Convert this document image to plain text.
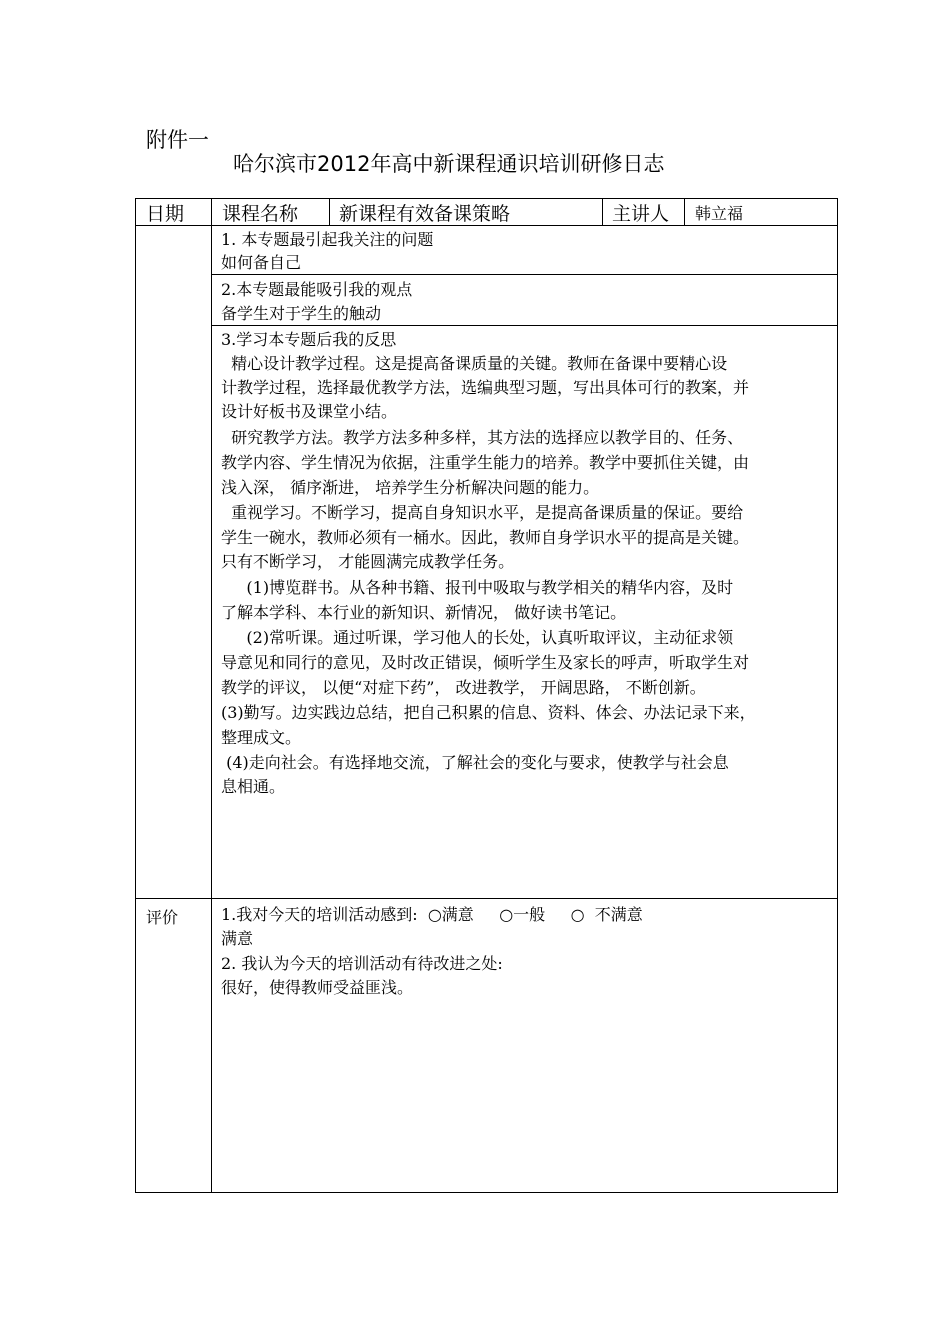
附件一
哈尔滨市2012年高中新课程通识培训研修日志
日期 课程名称 新课程有效备课策略	主讲人 韩立福
1. 本专题最引起我关注的问题
如何备自己
2.本专题最能吸引我的观点
备学生对于学生的触动
3.学习本专题后我的反思
精心设计教学过程。这是提高备课质量的关键。教师在备课中要精心设
计教学过程，选择最优教学方法，选编典型习题，写出具体可行的教案，并
设计好板书及课堂小结。
研究教学方法。教学方法多种多样，其方法的选择应以教学目的、任务、
教学内容、学生情况为依据，注重学生能力的培养。教学中要抓住关键，由
浅入深， 循序渐进， 培养学生分析解决问题的能力。
重视学习。不断学习，提高自身知识水平，是提高备课质量的保证。要给
学生一碗水，教师必须有一桶水。因此，教师自身学识水平的提高是关键。
只有不断学习， 才能圆满完成教学任务。
(1)博览群书。从各种书籍、报刊中吸取与教学相关的精华内容，及时
了解本学科、本行业的新知识、新情况， 做好读书笔记。
(2)常听课。通过听课，学习他人的长处，认真听取评议，主动征求领
导意见和同行的意见，及时改正错误，倾听学生及家长的呼声，听取学生对
教学的评议， 以便“对症下药”， 改进教学， 开阔思路， 不断创新。
(3)勤写。边实践边总结，把自己积累的信息、资料、体会、办法记录下来，
整理成文。
(4)走向社会。有选择地交流，了解社会的变化与要求，使教学与社会息
息相通。
评价	1.我对今天的培训活动感到:  ○满意     ○一般     ○  不满意
满意
2. 我认为今天的培训活动有待改进之处:
很好，使得教师受益匪浅。
